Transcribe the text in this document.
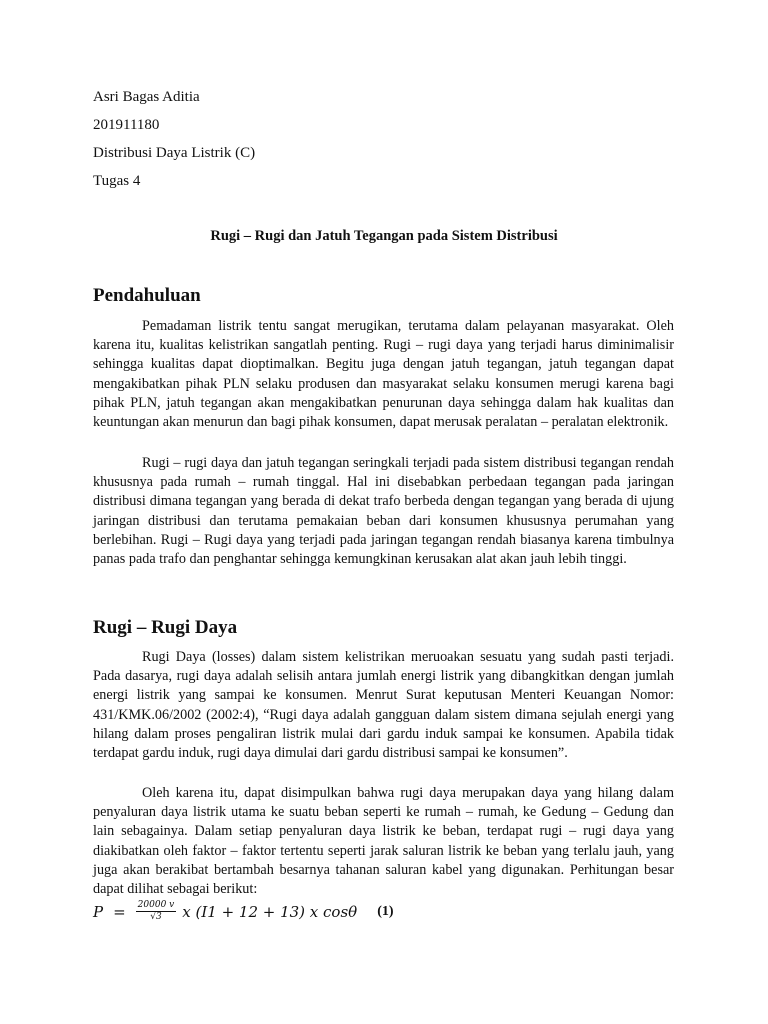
Asri Bagas Aditia
201911180
Distribusi Daya Listrik (C)
Tugas 4
Rugi – Rugi dan Jatuh Tegangan pada Sistem Distribusi
Pendahuluan

Pemadaman listrik tentu sangat merugikan, terutama dalam pelayanan masyarakat. Oleh karena itu, kualitas kelistrikan sangatlah penting. Rugi – rugi daya yang terjadi harus diminimalisir sehingga kualitas dapat dioptimalkan. Begitu juga dengan jatuh tegangan, jatuh tegangan dapat mengakibatkan pihak PLN selaku produsen dan masyarakat selaku konsumen merugi karena bagi pihak PLN, jatuh tegangan akan mengakibatkan penurunan daya sehingga dalam hak kualitas dan keuntungan akan menurun dan bagi pihak konsumen, dapat merusak peralatan – peralatan elektronik.

Rugi – rugi daya dan jatuh tegangan seringkali terjadi pada sistem distribusi tegangan rendah khususnya pada rumah – rumah tinggal. Hal ini disebabkan perbedaan tegangan pada jaringan distribusi dimana tegangan yang berada di dekat trafo berbeda dengan tegangan yang berada di ujung jaringan distribusi dan terutama pemakaian beban dari konsumen khususnya perumahan yang berlebihan. Rugi – Rugi daya yang terjadi pada jaringan tegangan rendah biasanya karena timbulnya panas pada trafo dan penghantar sehingga kemungkinan kerusakan alat akan jauh lebih tinggi.

Rugi – Rugi Daya

Rugi Daya (losses) dalam sistem kelistrikan meruoakan sesuatu yang sudah pasti terjadi. Pada dasarya, rugi daya adalah selisih antara jumlah energi listrik yang dibangkitkan dengan jumlah energi listrik yang sampai ke konsumen. Menrut Surat keputusan Menteri Keuangan Nomor: 431/KMK.06/2002 (2002:4), “Rugi daya adalah gangguan dalam sistem dimana sejulah energi yang hilang dalam proses pengaliran listrik mulai dari gardu induk sampai ke konsumen. Apabila tidak terdapat gardu induk, rugi daya dimulai dari gardu distribusi sampai ke konsumen”.

Oleh karena itu, dapat disimpulkan bahwa rugi daya merupakan daya yang hilang dalam penyaluran daya listrik utama ke suatu beban seperti ke rumah – rumah, ke Gedung – Gedung dan lain sebagainya. Dalam setiap penyaluran daya listrik ke beban, terdapat rugi – rugi daya yang diakibatkan oleh faktor – faktor tertentu seperti jarak saluran listrik ke beban yang terlalu jauh, yang juga akan berakibat bertambah besarnya tahanan saluran kabel yang digunakan. Perhitungan besar dapat dilihat sebagai berikut:

$P = \frac{20000 v}{√3}$ x (I1 + 12 + 13) x cosθ (1)
